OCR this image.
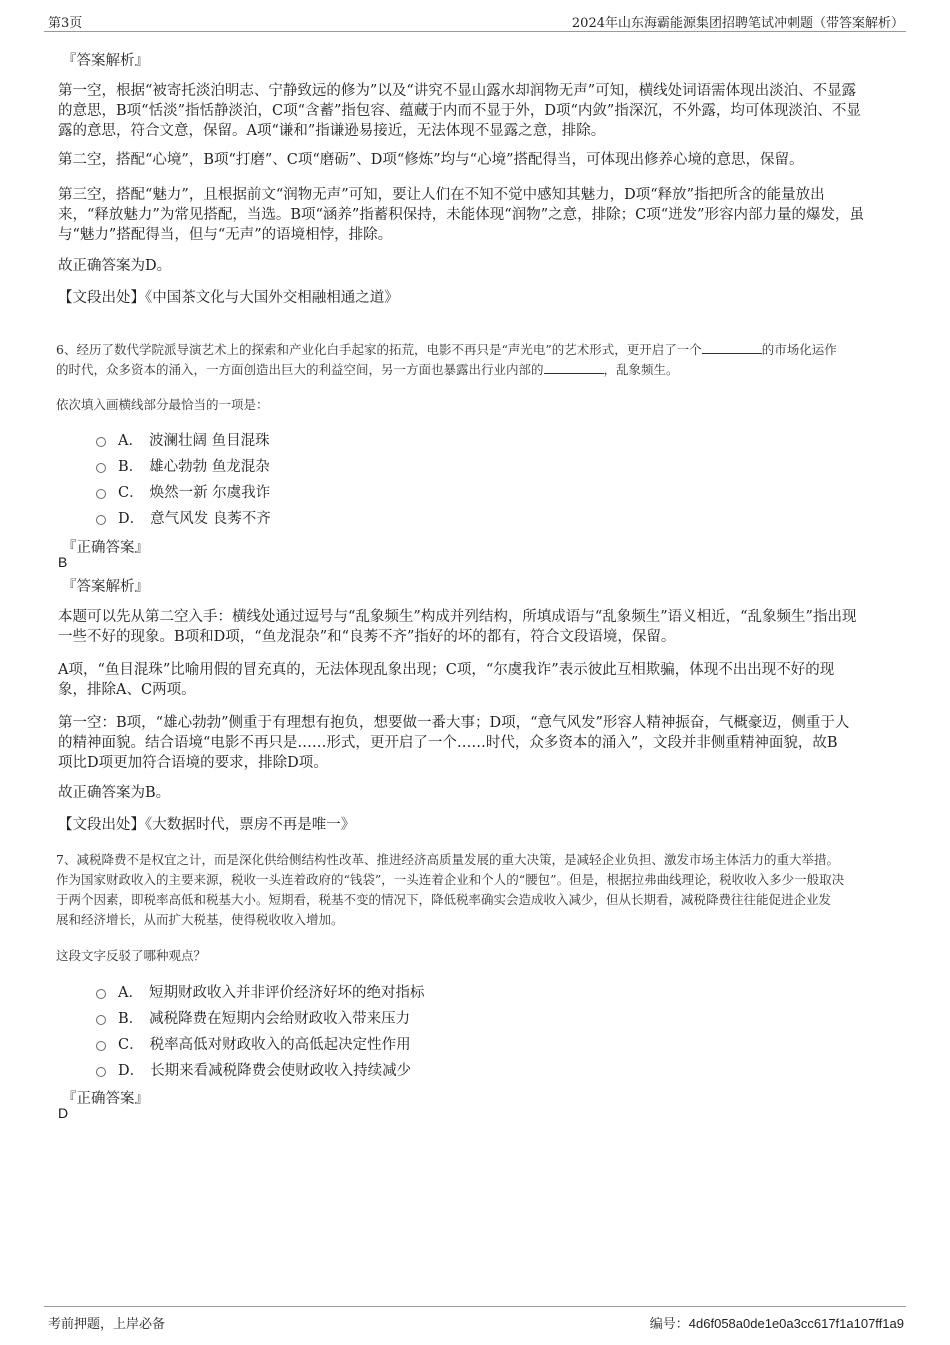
第3页	2024年山东海霸能源集团招聘笔试冲刺题（带答案解析）
『答案解析』
第一空，根据“被寄托淡泊明志、宁静致远的修为”以及“讲究不显山露水却润物无声”可知，横线处词语需体现出淡泊、不显露
的意思，B项“恬淡”指恬静淡泊，C项“含蓄”指包容、蕴藏于内而不显于外，D项“内敛”指深沉，不外露，均可体现淡泊、不显
露的意思，符合文意，保留。A项“谦和”指谦逊易接近，无法体现不显露之意，排除。
第二空，搭配“心境”，B项“打磨”、C项“磨砺”、D项“修炼”均与“心境”搭配得当，可体现出修养心境的意思，保留。
第三空，搭配“魅力”，且根据前文“润物无声”可知，要让人们在不知不觉中感知其魅力，D项“释放”指把所含的能量放出
来，“释放魅力”为常见搭配，当选。B项“涵养”指蓄积保持，未能体现“润物”之意，排除；C项“迸发”形容内部力量的爆发，虽
与“魅力”搭配得当，但与“无声”的语境相悖，排除。
故正确答案为D。
【文段出处】《中国茶文化与大国外交相融相通之道》
6、经历了数代学院派导演艺术上的探索和产业化白手起家的拓荒，电影不再只是“声光电”的艺术形式，更开启了一个	的市场化运作
的时代，众多资本的涌入，一方面创造出巨大的利益空间，另一方面也暴露出行业内部的	，乱象频生。
依次填入画横线部分最恰当的一项是：
A． 波澜壮阔 鱼目混珠
B． 雄心勃勃 鱼龙混杂
C． 焕然一新 尔虞我诈
D． 意气风发 良莠不齐
『正确答案』
B
『答案解析』
本题可以先从第二空入手：横线处通过逗号与“乱象频生”构成并列结构，所填成语与“乱象频生”语义相近，“乱象频生”指出现
一些不好的现象。B项和D项，“鱼龙混杂”和“良莠不齐”指好的坏的都有，符合文段语境，保留。
A项，“鱼目混珠”比喻用假的冒充真的，无法体现乱象出现；C项，“尔虞我诈”表示彼此互相欺骗，体现不出出现不好的现
象，排除A、C两项。
第一空：B项，“雄心勃勃”侧重于有理想有抱负，想要做一番大事；D项，“意气风发”形容人精神振奋，气概豪迈，侧重于人
的精神面貌。结合语境“电影不再只是……形式，更开启了一个……时代，众多资本的涌入”，文段并非侧重精神面貌，故B
项比D项更加符合语境的要求，排除D项。
故正确答案为B。
【文段出处】《大数据时代，票房不再是唯一》
7、减税降费不是权宜之计，而是深化供给侧结构性改革、推进经济高质量发展的重大决策，是减轻企业负担、激发市场主体活力的重大举措。
作为国家财政收入的主要来源，税收一头连着政府的“钱袋”，一头连着企业和个人的“腰包”。但是，根据拉弗曲线理论，税收收入多少一般取决
于两个因素，即税率高低和税基大小。短期看，税基不变的情况下，降低税率确实会造成收入减少，但从长期看，减税降费往往能促进企业发
展和经济增长，从而扩大税基，使得税收收入增加。
这段文字反驳了哪种观点？
A． 短期财政收入并非评价经济好坏的绝对指标
B． 减税降费在短期内会给财政收入带来压力
C． 税率高低对财政收入的高低起决定性作用
D． 长期来看减税降费会使财政收入持续减少
『正确答案』
D
考前押题，上岸必备	编号：4d6f058a0de1e0a3cc617f1a107ff1a9
